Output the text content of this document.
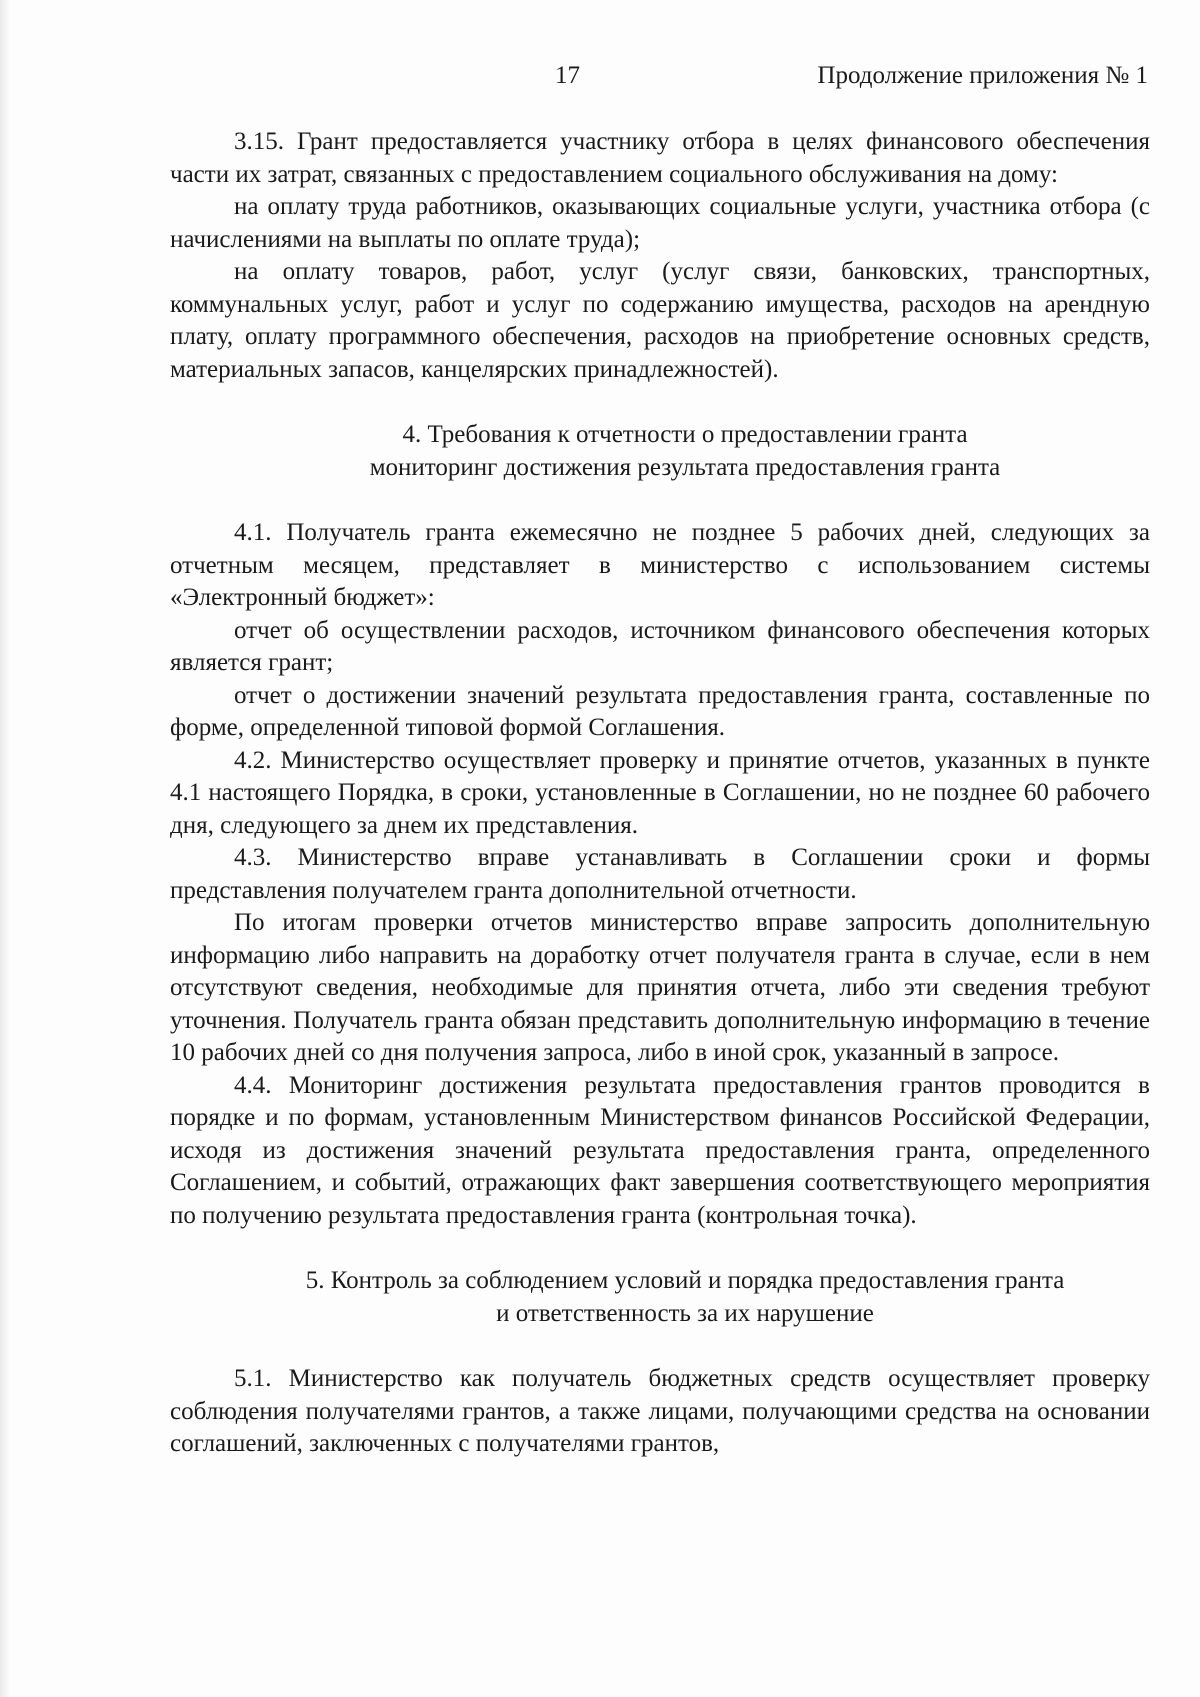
17	Продолжение приложения № 1

3.15. Грант предоставляется участнику отбора в целях финансового обеспечения части их затрат, связанных с предоставлением социального обслуживания на дому:

на оплату труда работников, оказывающих социальные услуги, участника отбора (с начислениями на выплаты по оплате труда);

на оплату товаров, работ, услуг (услуг связи, банковских, транспортных, коммунальных услуг, работ и услуг по содержанию имущества, расходов на арендную плату, оплату программного обеспечения, расходов на приобретение основных средств, материальных запасов, канцелярских принадлежностей).

4. Требования к отчетности о предоставлении гранта

мониторинг достижения результата предоставления гранта

4.1. Получатель гранта ежемесячно не позднее 5 рабочих дней, следующих за отчетным месяцем, представляет в министерство с использованием системы «Электронный бюджет»:

отчет об осуществлении расходов, источником финансового обеспечения которых является грант;

отчет о достижении значений результата предоставления гранта, составленные по форме, определенной типовой формой Соглашения.

4.2. Министерство осуществляет проверку и принятие отчетов, указанных в пункте 4.1 настоящего Порядка, в сроки, установленные в Соглашении, но не позднее 60 рабочего дня, следующего за днем их представления.

4.3. Министерство вправе устанавливать в Соглашении сроки и формы представления получателем гранта дополнительной отчетности.

По итогам проверки отчетов министерство вправе запросить дополнительную информацию либо направить на доработку отчет получателя гранта в случае, если в нем отсутствуют сведения, необходимые для принятия отчета, либо эти сведения требуют уточнения. Получатель гранта обязан представить дополнительную информацию в течение 10 рабочих дней со дня получения запроса, либо в иной срок, указанный в запросе.

4.4. Мониторинг достижения результата предоставления грантов проводится в порядке и по формам, установленным Министерством финансов Российской Федерации, исходя из достижения значений результата предоставления гранта, определенного Соглашением, и событий, отражающих факт завершения соответствующего мероприятия по получению результата предоставления гранта (контрольная точка).

5. Контроль за соблюдением условий и порядка предоставления гранта

и ответственность за их нарушение

5.1. Министерство как получатель бюджетных средств осуществляет проверку соблюдения получателями грантов, а также лицами, получающими средства на основании соглашений, заключенных с получателями грантов,
